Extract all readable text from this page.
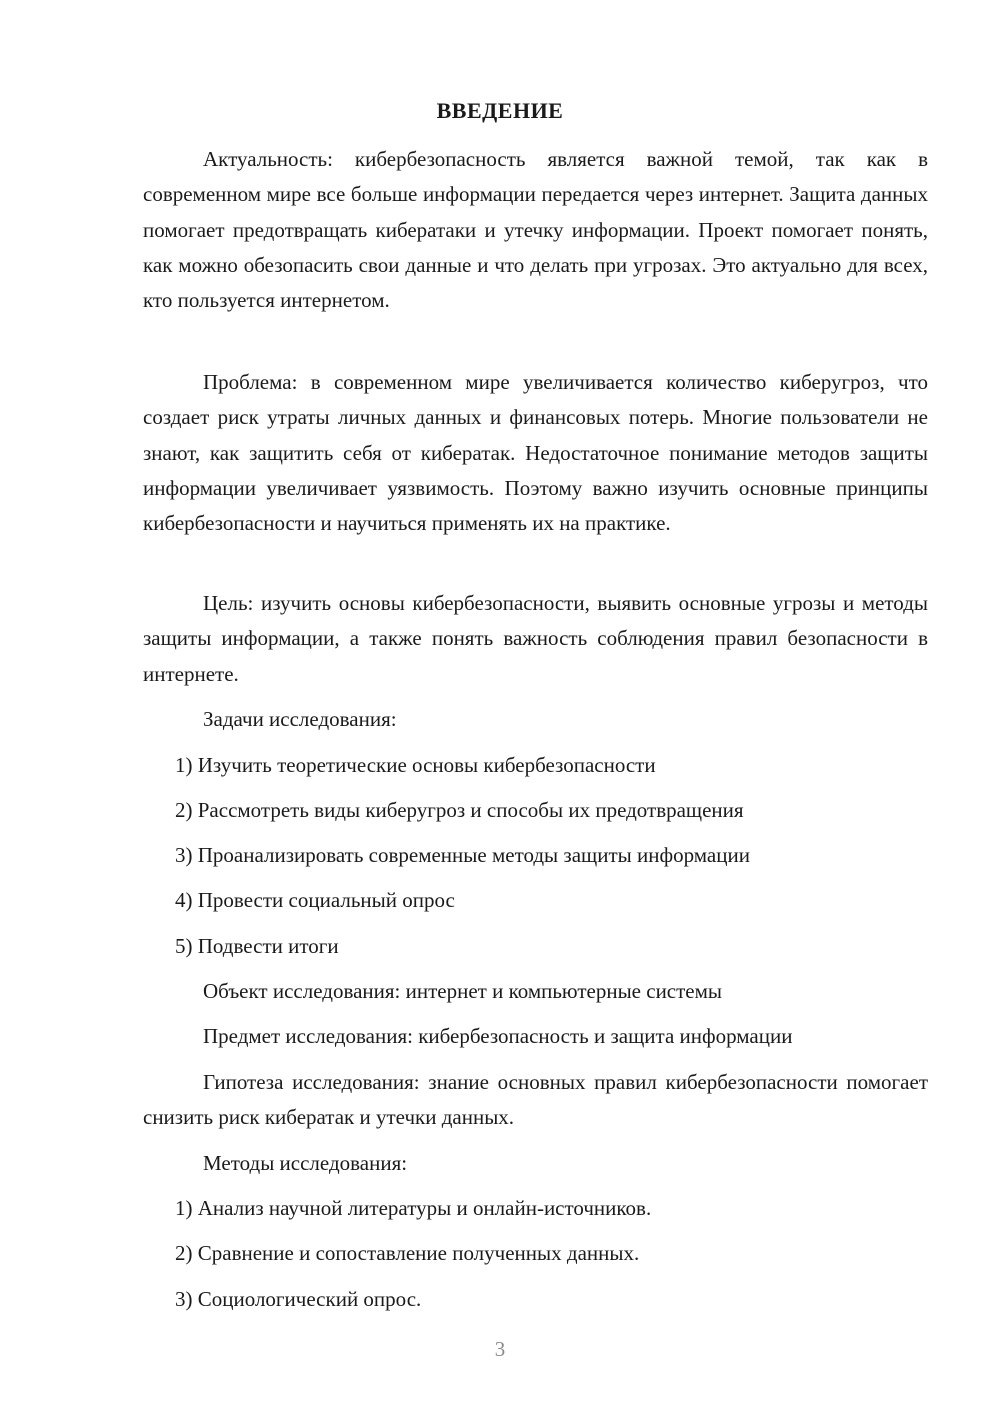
ВВЕДЕНИЕ

Актуальность: кибербезопасность является важной темой, так как в современном мире все больше информации передается через интернет. Защита данных помогает предотвращать кибератаки и утечку информации. Проект помогает понять, как можно обезопасить свои данные и что делать при угрозах. Это актуально для всех, кто пользуется интернетом.

Проблема: в современном мире увеличивается количество киберугроз, что создает риск утраты личных данных и финансовых потерь. Многие пользователи не знают, как защитить себя от кибератак. Недостаточное понимание методов защиты информации увеличивает уязвимость. Поэтому важно изучить основные принципы кибербезопасности и научиться применять их на практике.

Цель: изучить основы кибербезопасности, выявить основные угрозы и методы защиты информации, а также понять важность соблюдения правил безопасности в интернете.

Задачи исследования:

1) Изучить теоретические основы кибербезопасности

2) Рассмотреть виды киберугроз и способы их предотвращения

3) Проанализировать современные методы защиты информации

4) Провести социальный опрос

5) Подвести итоги

Объект исследования: интернет и компьютерные системы

Предмет исследования: кибербезопасность и защита информации

Гипотеза исследования: знание основных правил кибербезопасности помогает снизить риск кибератак и утечки данных.

Методы исследования:

1) Анализ научной литературы и онлайн-источников.

2) Сравнение и сопоставление полученных данных.

3) Социологический опрос.

3
